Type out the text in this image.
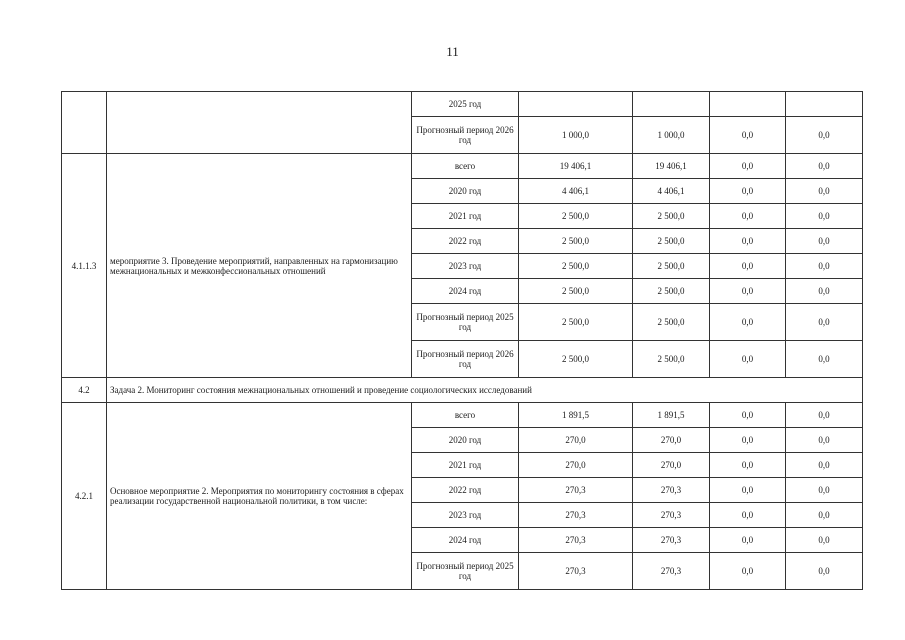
11
		2025 год				
		Прогнозный период 2026 год	1 000,0	1 000,0	0,0	0,0
4.1.1.3	мероприятие 3. Проведение мероприятий, направленных на гармонизацию межнациональных и межконфессиональных отношений	всего	19 406,1	19 406,1	0,0	0,0
		2020 год	4 406,1	4 406,1	0,0	0,0
		2021 год	2 500,0	2 500,0	0,0	0,0
		2022 год	2 500,0	2 500,0	0,0	0,0
		2023 год	2 500,0	2 500,0	0,0	0,0
		2024 год	2 500,0	2 500,0	0,0	0,0
		Прогнозный период 2025 год	2 500,0	2 500,0	0,0	0,0
		Прогнозный период 2026 год	2 500,0	2 500,0	0,0	0,0
4.2	Задача 2. Мониторинг состояния межнациональных отношений и проведение социологических исследований					
4.2.1	Основное мероприятие 2. Мероприятия по мониторингу состояния в сферах реализации государственной национальной политики, в том числе:	всего	1 891,5	1 891,5	0,0	0,0
		2020 год	270,0	270,0	0,0	0,0
		2021 год	270,0	270,0	0,0	0,0
		2022 год	270,3	270,3	0,0	0,0
		2023 год	270,3	270,3	0,0	0,0
		2024 год	270,3	270,3	0,0	0,0
		Прогнозный период 2025 год	270,3	270,3	0,0	0,0
